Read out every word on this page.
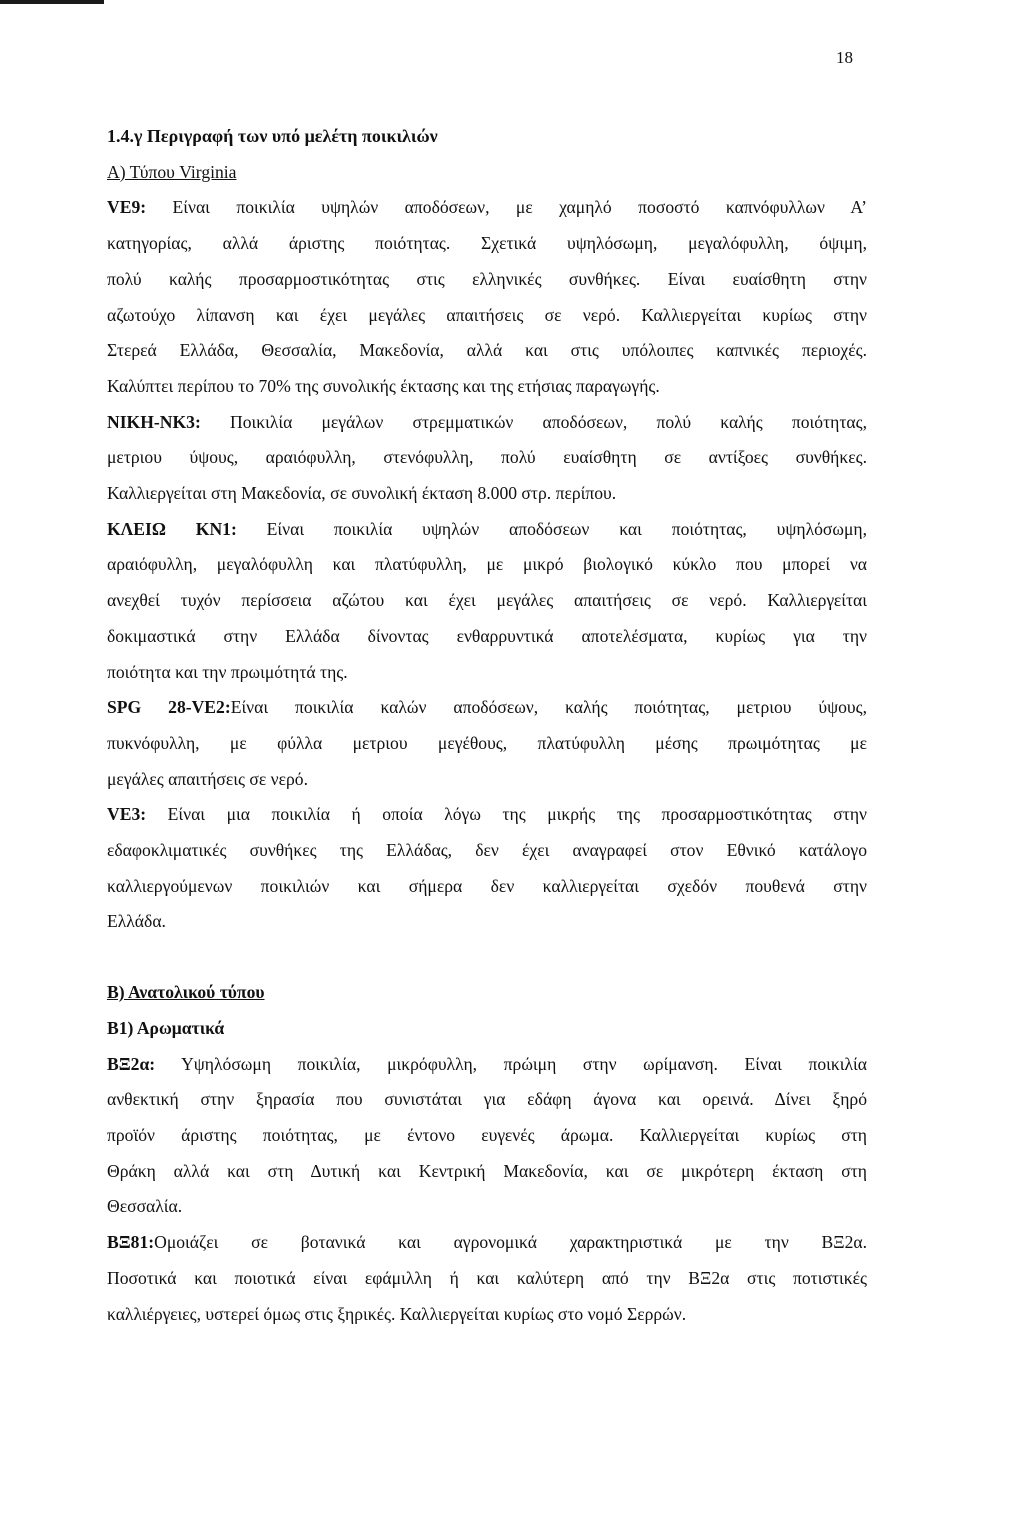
18
1.4.γ Περιγραφή των υπό μελέτη ποικιλιών
Α) Τύπου Virginia
VE9: Είναι ποικιλία υψηλών αποδόσεων, με χαμηλό ποσοστό καπνόφυλλων Α’
κατηγορίας, αλλά άριστης ποιότητας. Σχετικά υψηλόσωμη, μεγαλόφυλλη, όψιμη,
πολύ καλής προσαρμοστικότητας στις ελληνικές συνθήκες. Είναι ευαίσθητη στην
αζωτούχο λίπανση και έχει μεγάλες απαιτήσεις σε νερό. Καλλιεργείται κυρίως στην
Στερεά Ελλάδα, Θεσσαλία, Μακεδονία, αλλά και στις υπόλοιπες καπνικές περιοχές.
Καλύπτει περίπου το 70% της συνολικής έκτασης και της ετήσιας παραγωγής.
ΝΙΚΗ-ΝΚ3: Ποικιλία μεγάλων στρεμματικών αποδόσεων, πολύ καλής ποιότητας,
μετριου ύψους, αραιόφυλλη, στενόφυλλη, πολύ ευαίσθητη σε αντίξοες συνθήκες.
Καλλιεργείται στη Μακεδονία, σε συνολική έκταση 8.000 στρ. περίπου.
ΚΛΕΙΩ ΚΝ1: Είναι ποικιλία υψηλών αποδόσεων και ποιότητας, υψηλόσωμη,
αραιόφυλλη, μεγαλόφυλλη και πλατύφυλλη, με μικρό βιολογικό κύκλο που μπορεί να
ανεχθεί τυχόν περίσσεια αζώτου και έχει μεγάλες απαιτήσεις σε νερό. Καλλιεργείται
δοκιμαστικά στην Ελλάδα δίνοντας ενθαρρυντικά αποτελέσματα, κυρίως για την
ποιότητα και την πρωιμότητά της.
SPG 28-VE2:Είναι ποικιλία καλών αποδόσεων, καλής ποιότητας, μετριου ύψους,
πυκνόφυλλη, με φύλλα μετριου μεγέθους, πλατύφυλλη μέσης πρωιμότητας με
μεγάλες απαιτήσεις σε νερό.
VE3: Είναι μια ποικιλία ή οποία λόγω της μικρής της προσαρμοστικότητας στην
εδαφοκλιματικές συνθήκες της Ελλάδας, δεν έχει αναγραφεί στον Εθνικό κατάλογο
καλλιεργούμενων ποικιλιών και σήμερα δεν καλλιεργείται σχεδόν πουθενά στην
Ελλάδα.
Β) Ανατολικού τύπου
Β1) Αρωματικά
ΒΞ2α: Υψηλόσωμη ποικιλία, μικρόφυλλη, πρώιμη στην ωρίμανση. Είναι ποικιλία
ανθεκτική στην ξηρασία που συνιστάται για εδάφη άγονα και ορεινά. Δίνει ξηρό
προϊόν άριστης ποιότητας, με έντονο ευγενές άρωμα. Καλλιεργείται κυρίως στη
Θράκη αλλά και στη Δυτική και Κεντρική Μακεδονία, και σε μικρότερη έκταση στη
Θεσσαλία.
ΒΞ81:Ομοιάζει σε βοτανικά και αγρονομικά χαρακτηριστικά με την ΒΞ2α.
Ποσοτικά και ποιοτικά είναι εφάμιλλη ή και καλύτερη από την ΒΞ2α στις ποτιστικές
καλλιέργειες, υστερεί όμως στις ξηρικές. Καλλιεργείται κυρίως στο νομό Σερρών.
